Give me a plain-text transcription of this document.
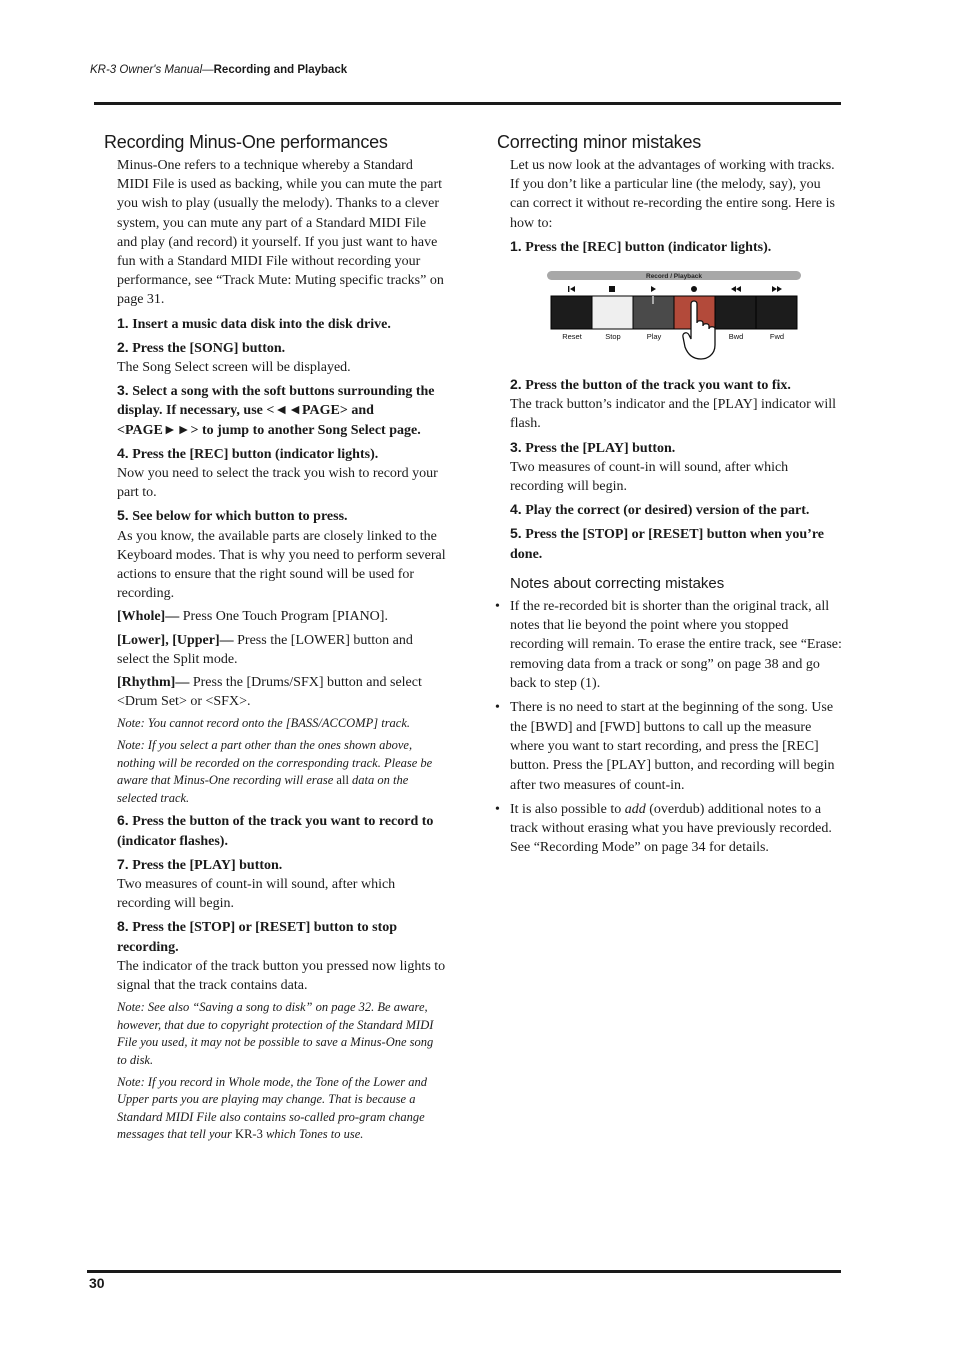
KR-3 Owner's Manual—Recording and Playback
Recording Minus-One performances

Minus-One refers to a technique whereby a Standard MIDI File is used as backing, while you can mute the part you wish to play (usually the melody). Thanks to a clever system, you can mute any part of a Standard MIDI File and play (and record) it yourself. If you just want to have fun with a Standard MIDI File without recording your performance, see “Track Mute: Muting specific tracks” on page 31.

1. Insert a music data disk into the disk drive.

2. Press the [SONG] button.

The Song Select screen will be displayed.

3. Select a song with the soft buttons surrounding the display. If necessary, use <◄◄PAGE> and <PAGE►►> to jump to another Song Select page.

4. Press the [REC] button (indicator lights).

Now you need to select the track you wish to record your part to.

5. See below for which button to press.

As you know, the available parts are closely linked to the Keyboard modes. That is why you need to perform several actions to ensure that the right sound will be used for recording.

[Whole]— Press One Touch Program [PIANO].

[Lower], [Upper]— Press the [LOWER] button and select the Split mode.

[Rhythm]— Press the [Drums/SFX] button and select <Drum Set> or <SFX>.

Note: You cannot record onto the [BASS/ACCOMP] track.

Note: If you select a part other than the ones shown above, nothing will be recorded on the corresponding track. Please be aware that Minus-One recording will erase all data on the selected track.

6. Press the button of the track you want to record to (indicator flashes).

7. Press the [PLAY] button.

Two measures of count-in will sound, after which recording will begin.

8. Press the [STOP] or [RESET] button to stop recording.

The indicator of the track button you pressed now lights to signal that the track contains data.

Note: See also “Saving a song to disk” on page 32. Be aware, however, that due to copyright protection of the Standard MIDI File you used, it may not be possible to save a Minus-One song to disk.

Note: If you record in Whole mode, the Tone of the Lower and Upper parts you are playing may change. That is because a Standard MIDI File also contains so-called pro-gram change messages that tell your KR-3 which Tones to use.

Correcting minor mistakes

Let us now look at the advantages of working with tracks. If you don’t like a particular line (the melody, say), you can correct it without re-recording the entire song. Here is how to:

1. Press the [REC] button (indicator lights).

Record / Playback
Reset	Stop	Play	Bwd	Fwd

2. Press the button of the track you want to fix.

The track button’s indicator and the [PLAY] indicator will flash.

3. Press the [PLAY] button.

Two measures of count-in will sound, after which recording will begin.

4. Play the correct (or desired) version of the part.

5. Press the [STOP] or [RESET] button when you’re done.

Notes about correcting mistakes
• If the re-recorded bit is shorter than the original track, all notes that lie beyond the point where you stopped recording will remain. To erase the entire track, see “Erase: removing data from a track or song” on page 38 and go back to step (1).
• There is no need to start at the beginning of the song. Use the [BWD] and [FWD] buttons to call up the measure where you want to start recording, and press the [REC] button. Press the [PLAY] button, and recording will begin after two measures of count-in.
• It is also possible to add (overdub) additional notes to a track without erasing what you have previously recorded. See “Recording Mode” on page 34 for details.
30
